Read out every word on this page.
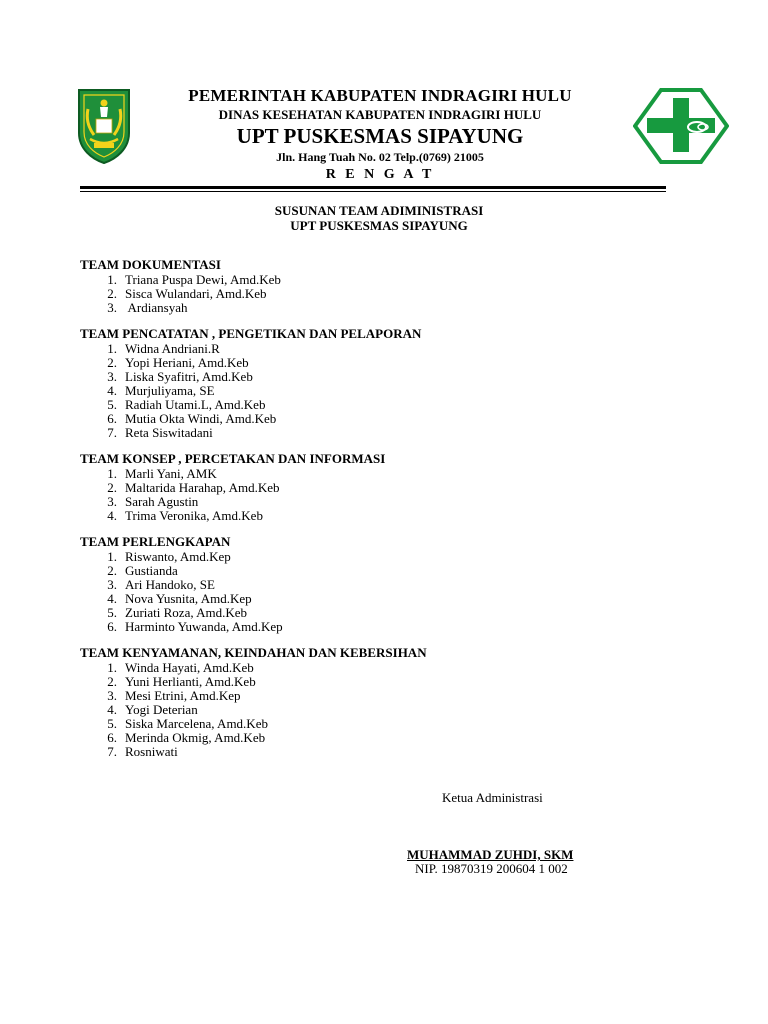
PEMERINTAH KABUPATEN INDRAGIRI HULU
DINAS KESEHATAN KABUPATEN INDRAGIRI HULU
UPT PUSKESMAS SIPAYUNG
Jln. Hang Tuah No. 02 Telp.(0769) 21005
R E N G A T
SUSUNAN TEAM ADIMINISTRASI
UPT PUSKESMAS SIPAYUNG
TEAM DOKUMENTASI
1. Triana Puspa Dewi, Amd.Keb
2. Sisca Wulandari, Amd.Keb
3. Ardiansyah
TEAM PENCATATAN , PENGETIKAN DAN PELAPORAN
1. Widna Andriani.R
2. Yopi Heriani, Amd.Keb
3. Liska Syafitri, Amd.Keb
4. Murjuliyama, SE
5. Radiah Utami.L, Amd.Keb
6. Mutia Okta Windi, Amd.Keb
7. Reta Siswitadani
TEAM KONSEP , PERCETAKAN DAN INFORMASI
1. Marli Yani, AMK
2. Maltarida Harahap, Amd.Keb
3. Sarah Agustin
4. Trima Veronika, Amd.Keb
TEAM PERLENGKAPAN
1. Riswanto, Amd.Kep
2. Gustianda
3. Ari Handoko, SE
4. Nova Yusnita, Amd.Kep
5. Zuriati Roza, Amd.Keb
6. Harminto Yuwanda, Amd.Kep
TEAM KENYAMANAN, KEINDAHAN DAN KEBERSIHAN
1. Winda Hayati, Amd.Keb
2. Yuni Herlianti, Amd.Keb
3. Mesi Etrini, Amd.Kep
4. Yogi Deterian
5. Siska Marcelena, Amd.Keb
6. Merinda Okmig, Amd.Keb
7. Rosniwati
Ketua Administrasi
MUHAMMAD ZUHDI, SKM
NIP. 19870319 200604 1 002
